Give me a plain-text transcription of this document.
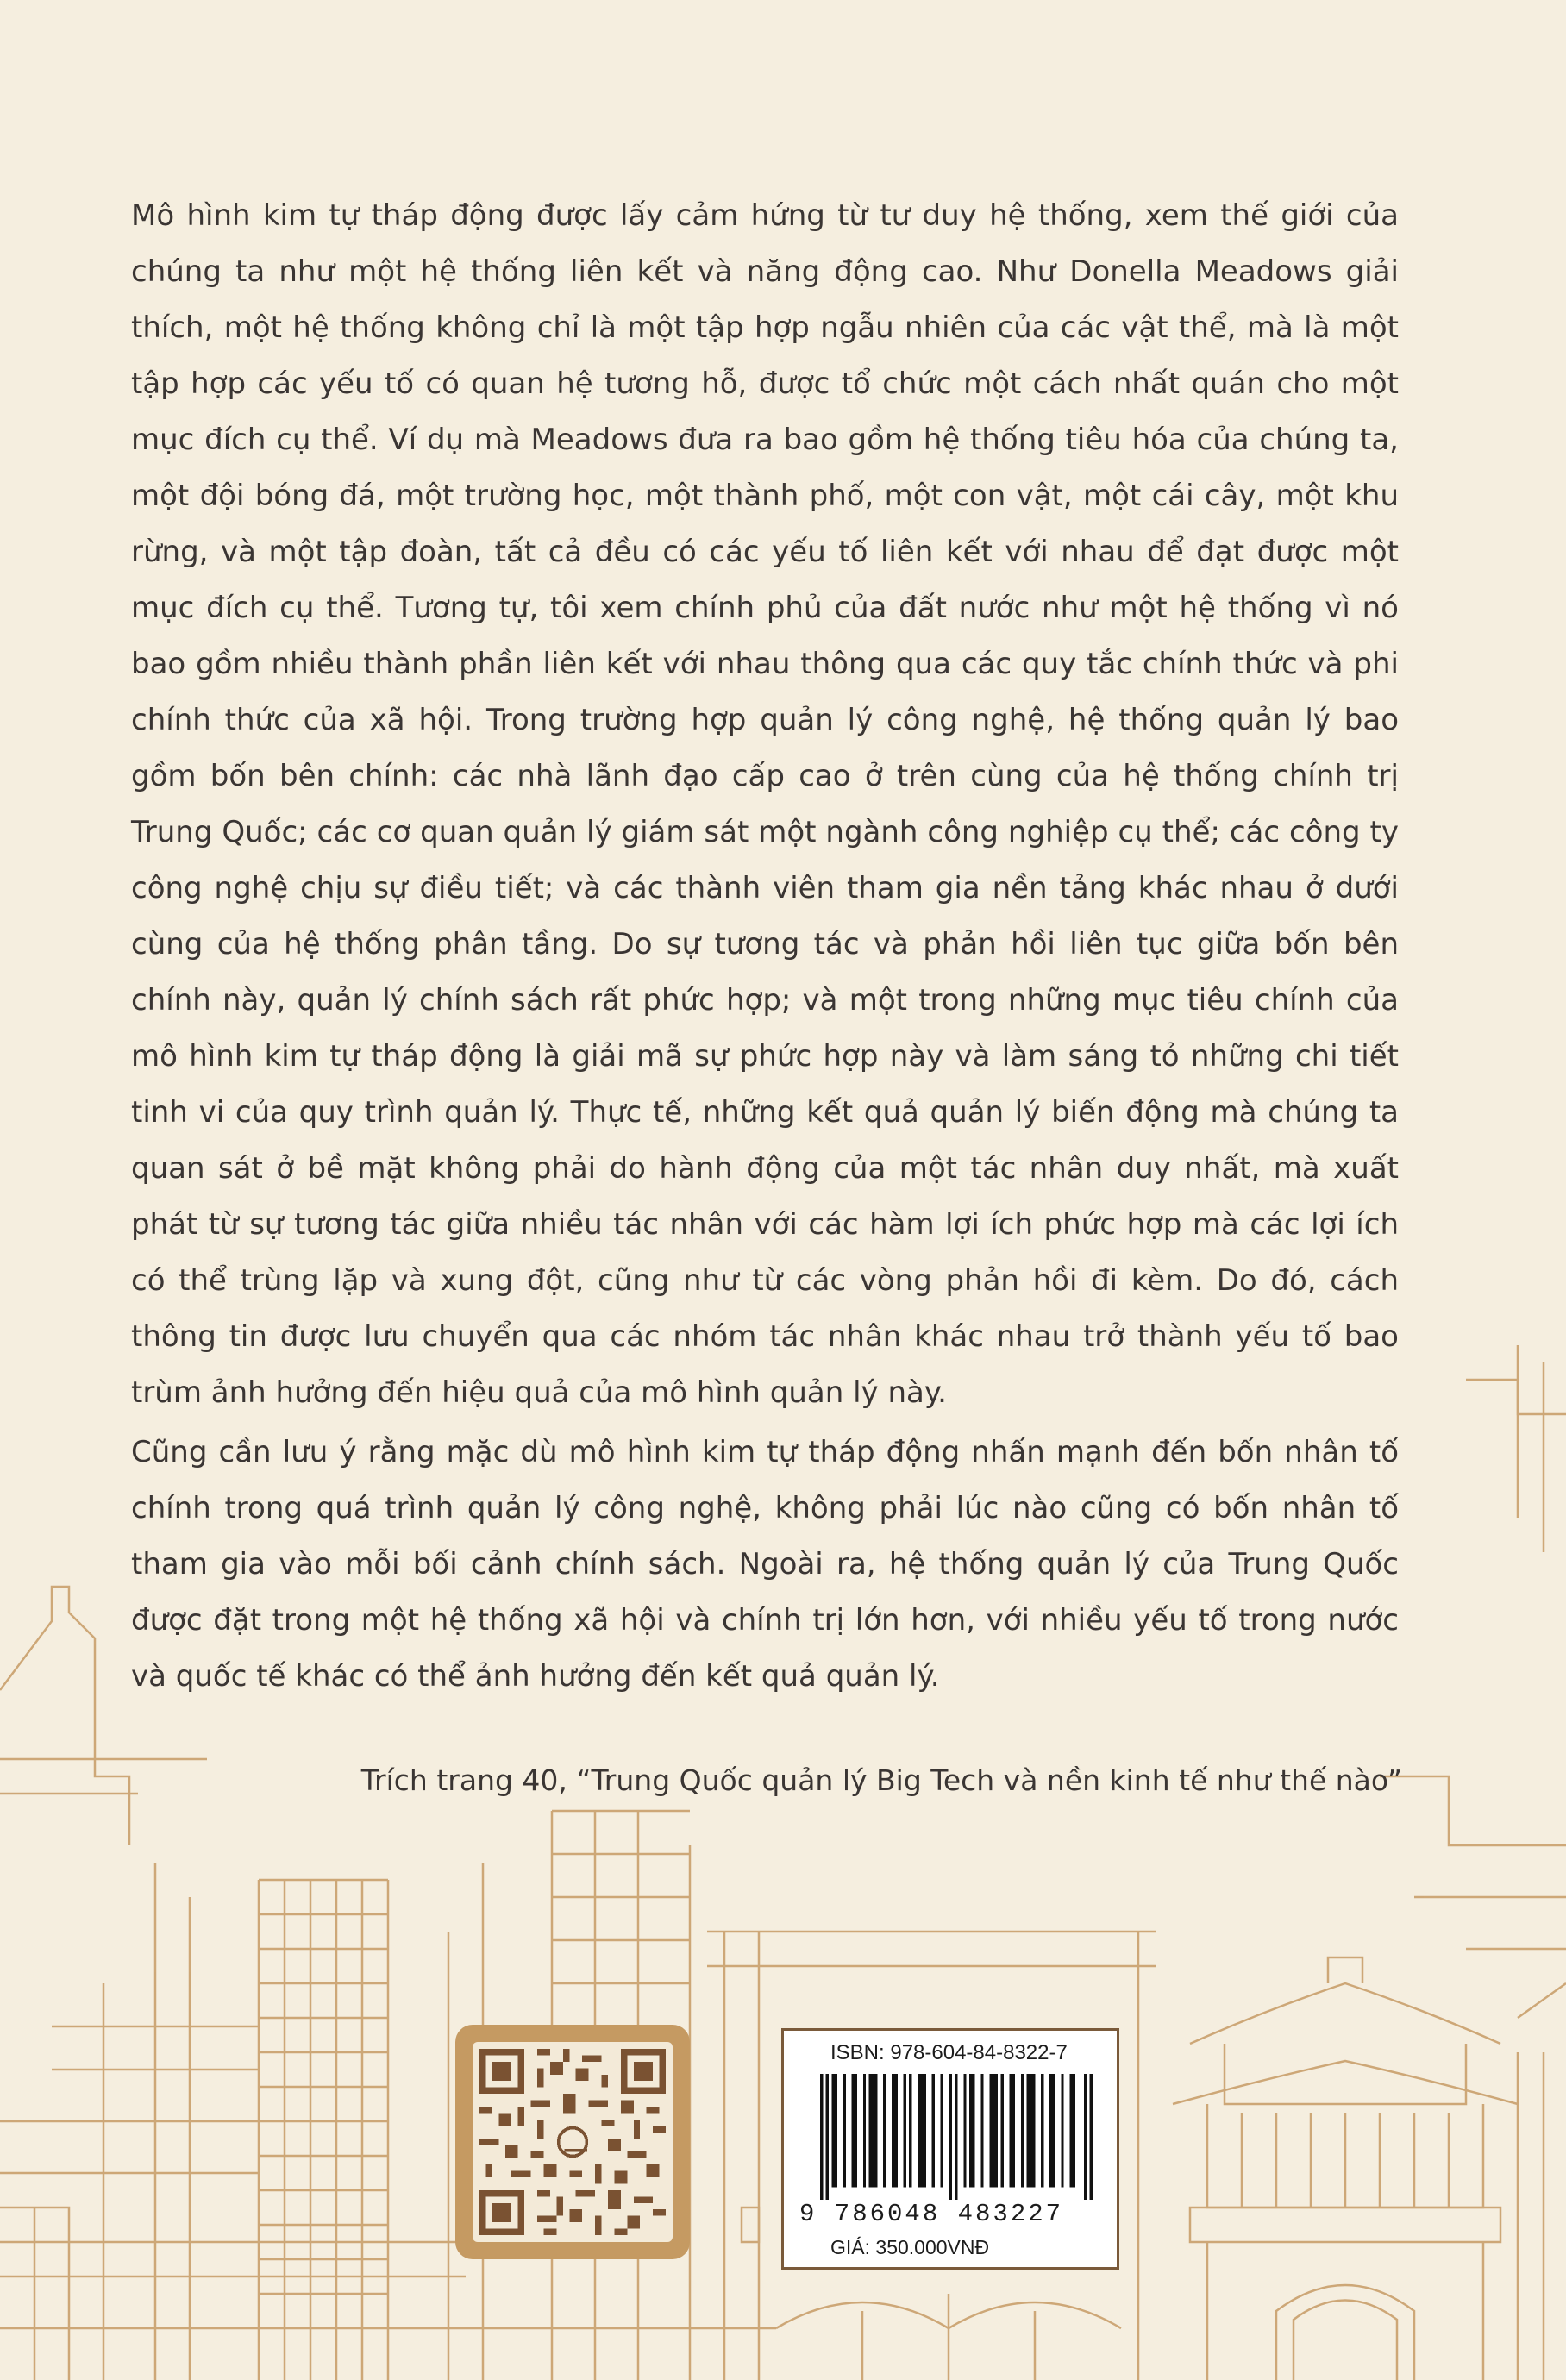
Mô hình kim tự tháp động được lấy cảm hứng từ tư duy hệ thống, xem thế giới của chúng ta như một hệ thống liên kết và năng động cao. Như Donella Meadows giải thích, một hệ thống không chỉ là một tập hợp ngẫu nhiên của các vật thể, mà là một tập hợp các yếu tố có quan hệ tương hỗ, được tổ chức một cách nhất quán cho một mục đích cụ thể. Ví dụ mà Meadows đưa ra bao gồm hệ thống tiêu hóa của chúng ta, một đội bóng đá, một trường học, một thành phố, một con vật, một cái cây, một khu rừng, và một tập đoàn, tất cả đều có các yếu tố liên kết với nhau để đạt được một mục đích cụ thể. Tương tự, tôi xem chính phủ của đất nước như một hệ thống vì nó bao gồm nhiều thành phần liên kết với nhau thông qua các quy tắc chính thức và phi chính thức của xã hội. Trong trường hợp quản lý công nghệ, hệ thống quản lý bao gồm bốn bên chính: các nhà lãnh đạo cấp cao ở trên cùng của hệ thống chính trị Trung Quốc; các cơ quan quản lý giám sát một ngành công nghiệp cụ thể; các công ty công nghệ chịu sự điều tiết; và các thành viên tham gia nền tảng khác nhau ở dưới cùng của hệ thống phân tầng. Do sự tương tác và phản hồi liên tục giữa bốn bên chính này, quản lý chính sách rất phức hợp; và một trong những mục tiêu chính của mô hình kim tự tháp động là giải mã sự phức hợp này và làm sáng tỏ những chi tiết tinh vi của quy trình quản lý. Thực tế, những kết quả quản lý biến động mà chúng ta quan sát ở bề mặt không phải do hành động của một tác nhân duy nhất, mà xuất phát từ sự tương tác giữa nhiều tác nhân với các hàm lợi ích phức hợp mà các lợi ích có thể trùng lặp và xung đột, cũng như từ các vòng phản hồi đi kèm. Do đó, cách thông tin được lưu chuyển qua các nhóm tác nhân khác nhau trở thành yếu tố bao trùm ảnh hưởng đến hiệu quả của mô hình quản lý này.

Cũng cần lưu ý rằng mặc dù mô hình kim tự tháp động nhấn mạnh đến bốn nhân tố chính trong quá trình quản lý công nghệ, không phải lúc nào cũng có bốn nhân tố tham gia vào mỗi bối cảnh chính sách. Ngoài ra, hệ thống quản lý của Trung Quốc được đặt trong một hệ thống xã hội và chính trị lớn hơn, với nhiều yếu tố trong nước và quốc tế khác có thể ảnh hưởng đến kết quả quản lý.

Trích trang 40, “Trung Quốc quản lý Big Tech và nền kinh tế như thế nào”
ISBN: 978-604-84-8322-7
9 786048 483227
GIÁ: 350.000VNĐ
